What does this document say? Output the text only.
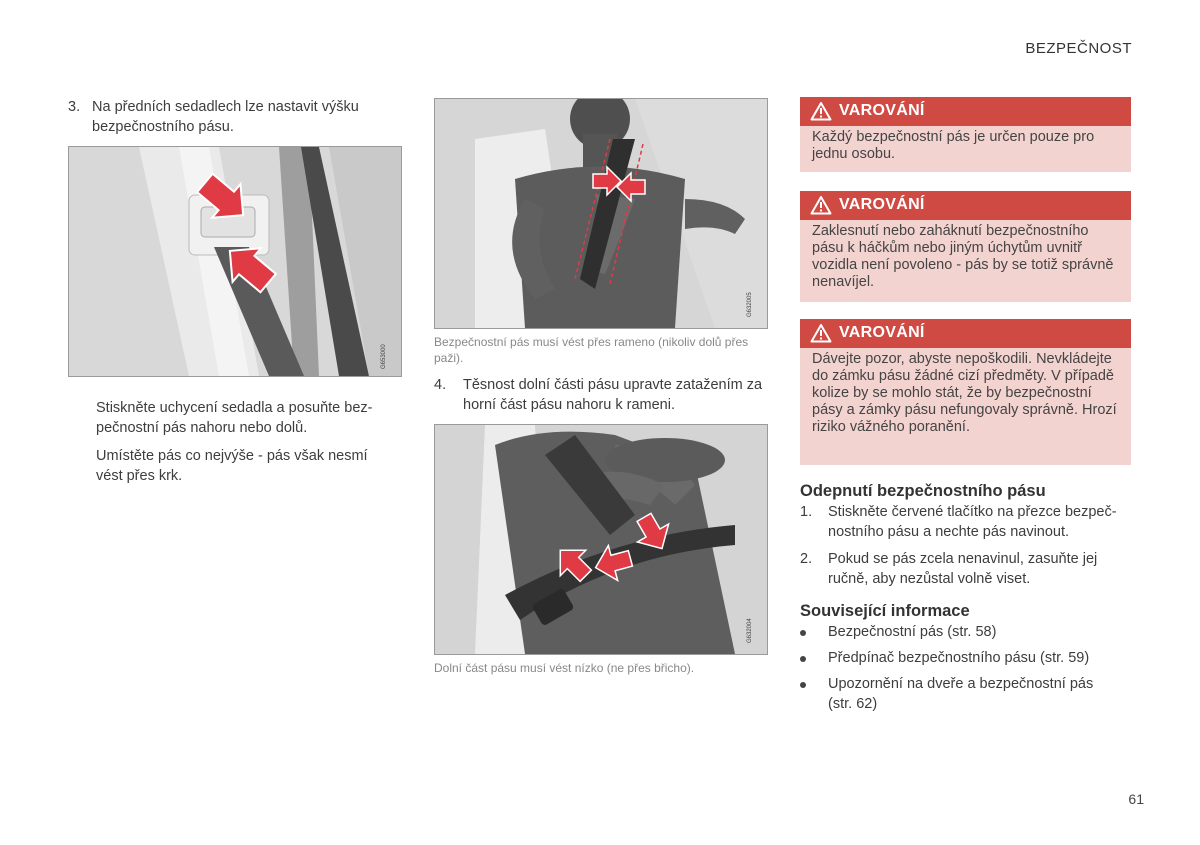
BEZPEČNOST
3. Na předních sedadlech lze nastavit výšku bezpečnostního pásu.
G653000
Stiskněte uchycení sedadla a posuňte bez-pečnostní pás nahoru nebo dolů.
Umístěte pás co nejvýše - pás však nesmí vést přes krk.
G632005
Bezpečnostní pás musí vést přes rameno (nikoliv dolů přes paži).
4. Těsnost dolní části pásu upravte zatažením za horní část pásu nahoru k rameni.
G632004
Dolní část pásu musí vést nízko (ne přes břicho).
VAROVÁNÍ
Každý bezpečnostní pás je určen pouze pro jednu osobu.
VAROVÁNÍ
Zaklesnutí nebo zaháknutí bezpečnostního pásu k háčkům nebo jiným úchytům uvnitř vozidla není povoleno - pás by se totiž správně nenavíjel.
VAROVÁNÍ
Dávejte pozor, abyste nepoškodili. Nevkládejte do zámku pásu žádné cizí předměty. V případě kolize by se mohlo stát, že by bezpečnostní pásy a zámky pásu nefungovaly správně. Hrozí riziko vážného poranění.
Odepnutí bezpečnostního pásu
1. Stiskněte červené tlačítko na přezce bezpeč-nostního pásu a nechte pás navinout.
2. Pokud se pás zcela nenavinul, zasuňte jej ručně, aby nezůstal volně viset.
Související informace
Bezpečnostní pás (str. 58)
Předpínač bezpečnostního pásu (str. 59)
Upozornění na dveře a bezpečnostní pás (str. 62)
61
